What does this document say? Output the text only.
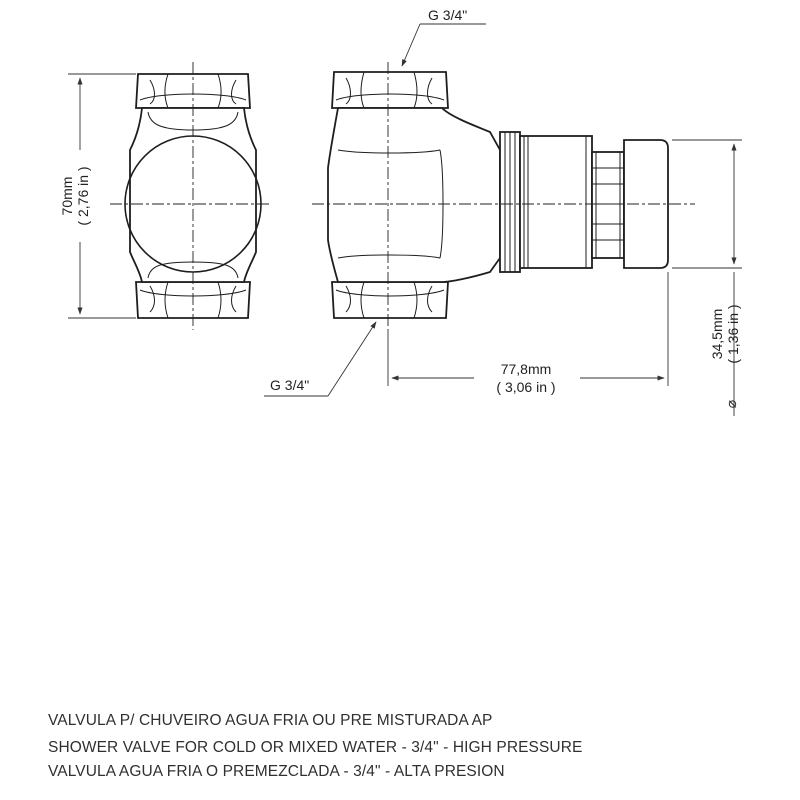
70mm ( 2,76 in )
G 3/4"
G 3/4"
77,8mm
( 3,06 in )
⌀
34,5mm ( 1,36 in )
VALVULA P/ CHUVEIRO AGUA FRIA OU PRE MISTURADA AP
SHOWER VALVE FOR COLD OR MIXED WATER - 3/4" - HIGH PRESSURE
VALVULA AGUA FRIA O PREMEZCLADA - 3/4" - ALTA PRESION
